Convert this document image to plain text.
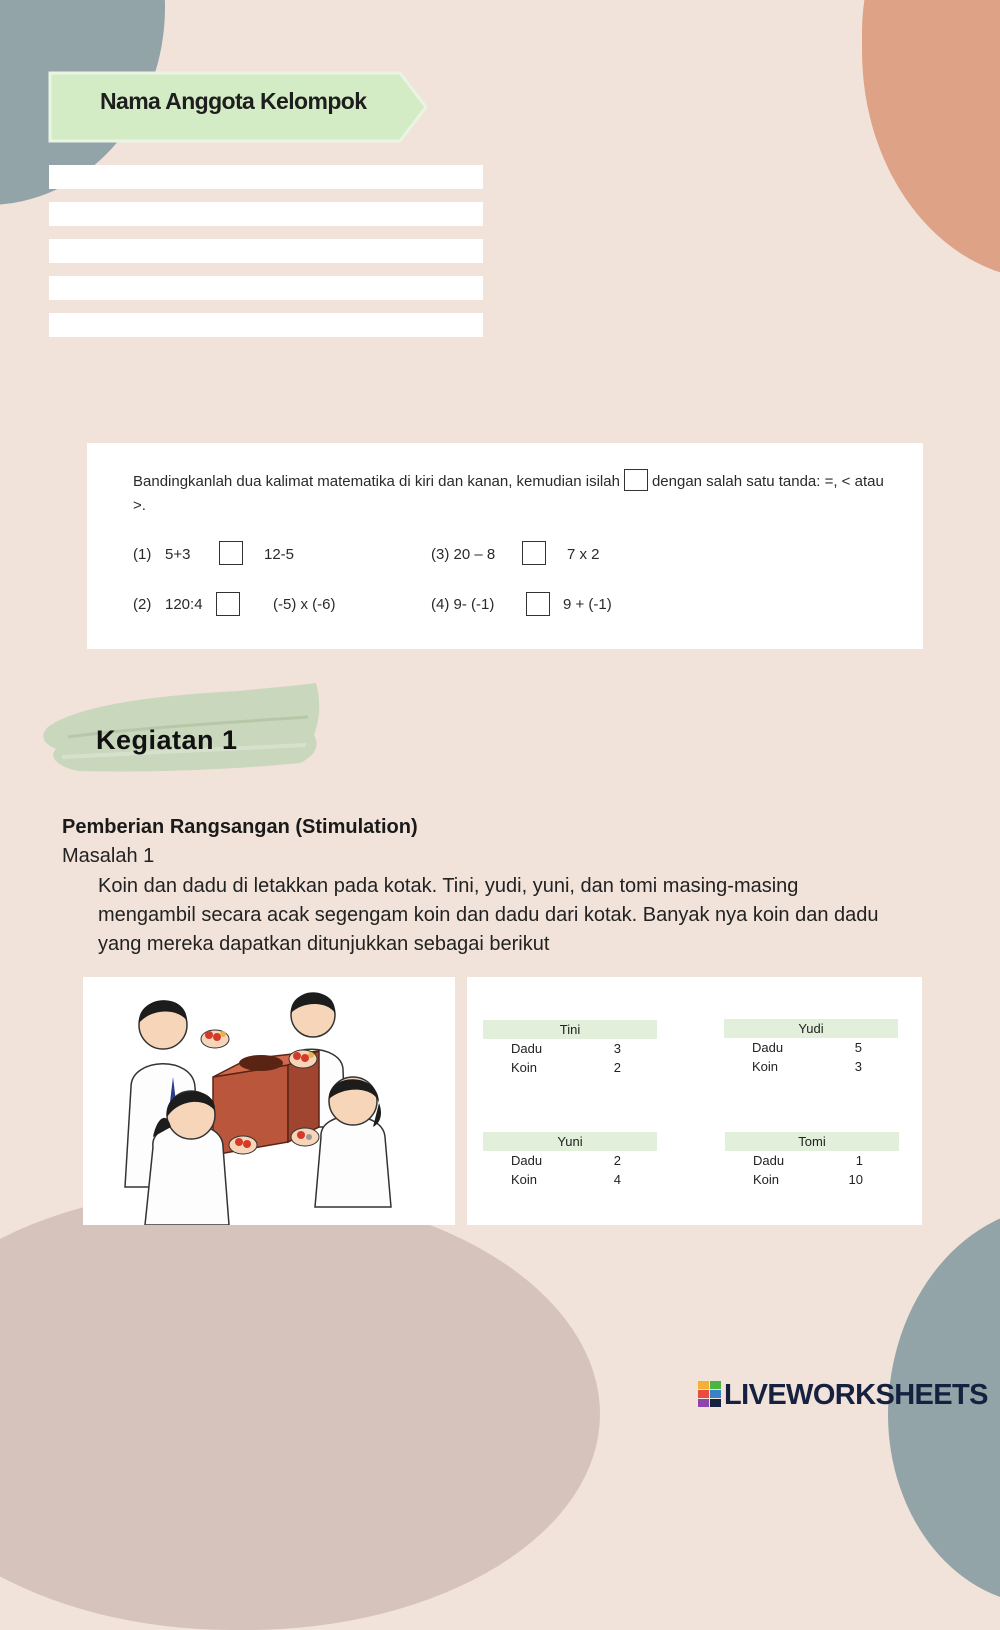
Nama Anggota Kelompok

Bandingkanlah dua kalimat matematika di kiri dan kanan, kemudian isilah dengan salah satu tanda: =, < atau >.

(1) 5+3	12-5	(3) 20 – 8	7 x 2
(2) 120:4	(-5) x (-6)	(4) 9- (-1)	9 + (-1)
Kegiatan 1
Pemberian Rangsangan (Stimulation)

Masalah 1

Koin dan dadu di letakkan pada kotak. Tini, yudi, yuni, dan tomi masing-masing mengambil secara acak segengam koin dan dadu dari kotak. Banyak nya koin dan dadu yang mereka dapatkan ditunjukkan sebagai berikut

Tini
Dadu	3
Koin	2
Yudi
Dadu	5
Koin	3
Yuni
Dadu	2
Koin	4
Tomi
Dadu	1
Koin	10
LIVEWORKSHEETS
